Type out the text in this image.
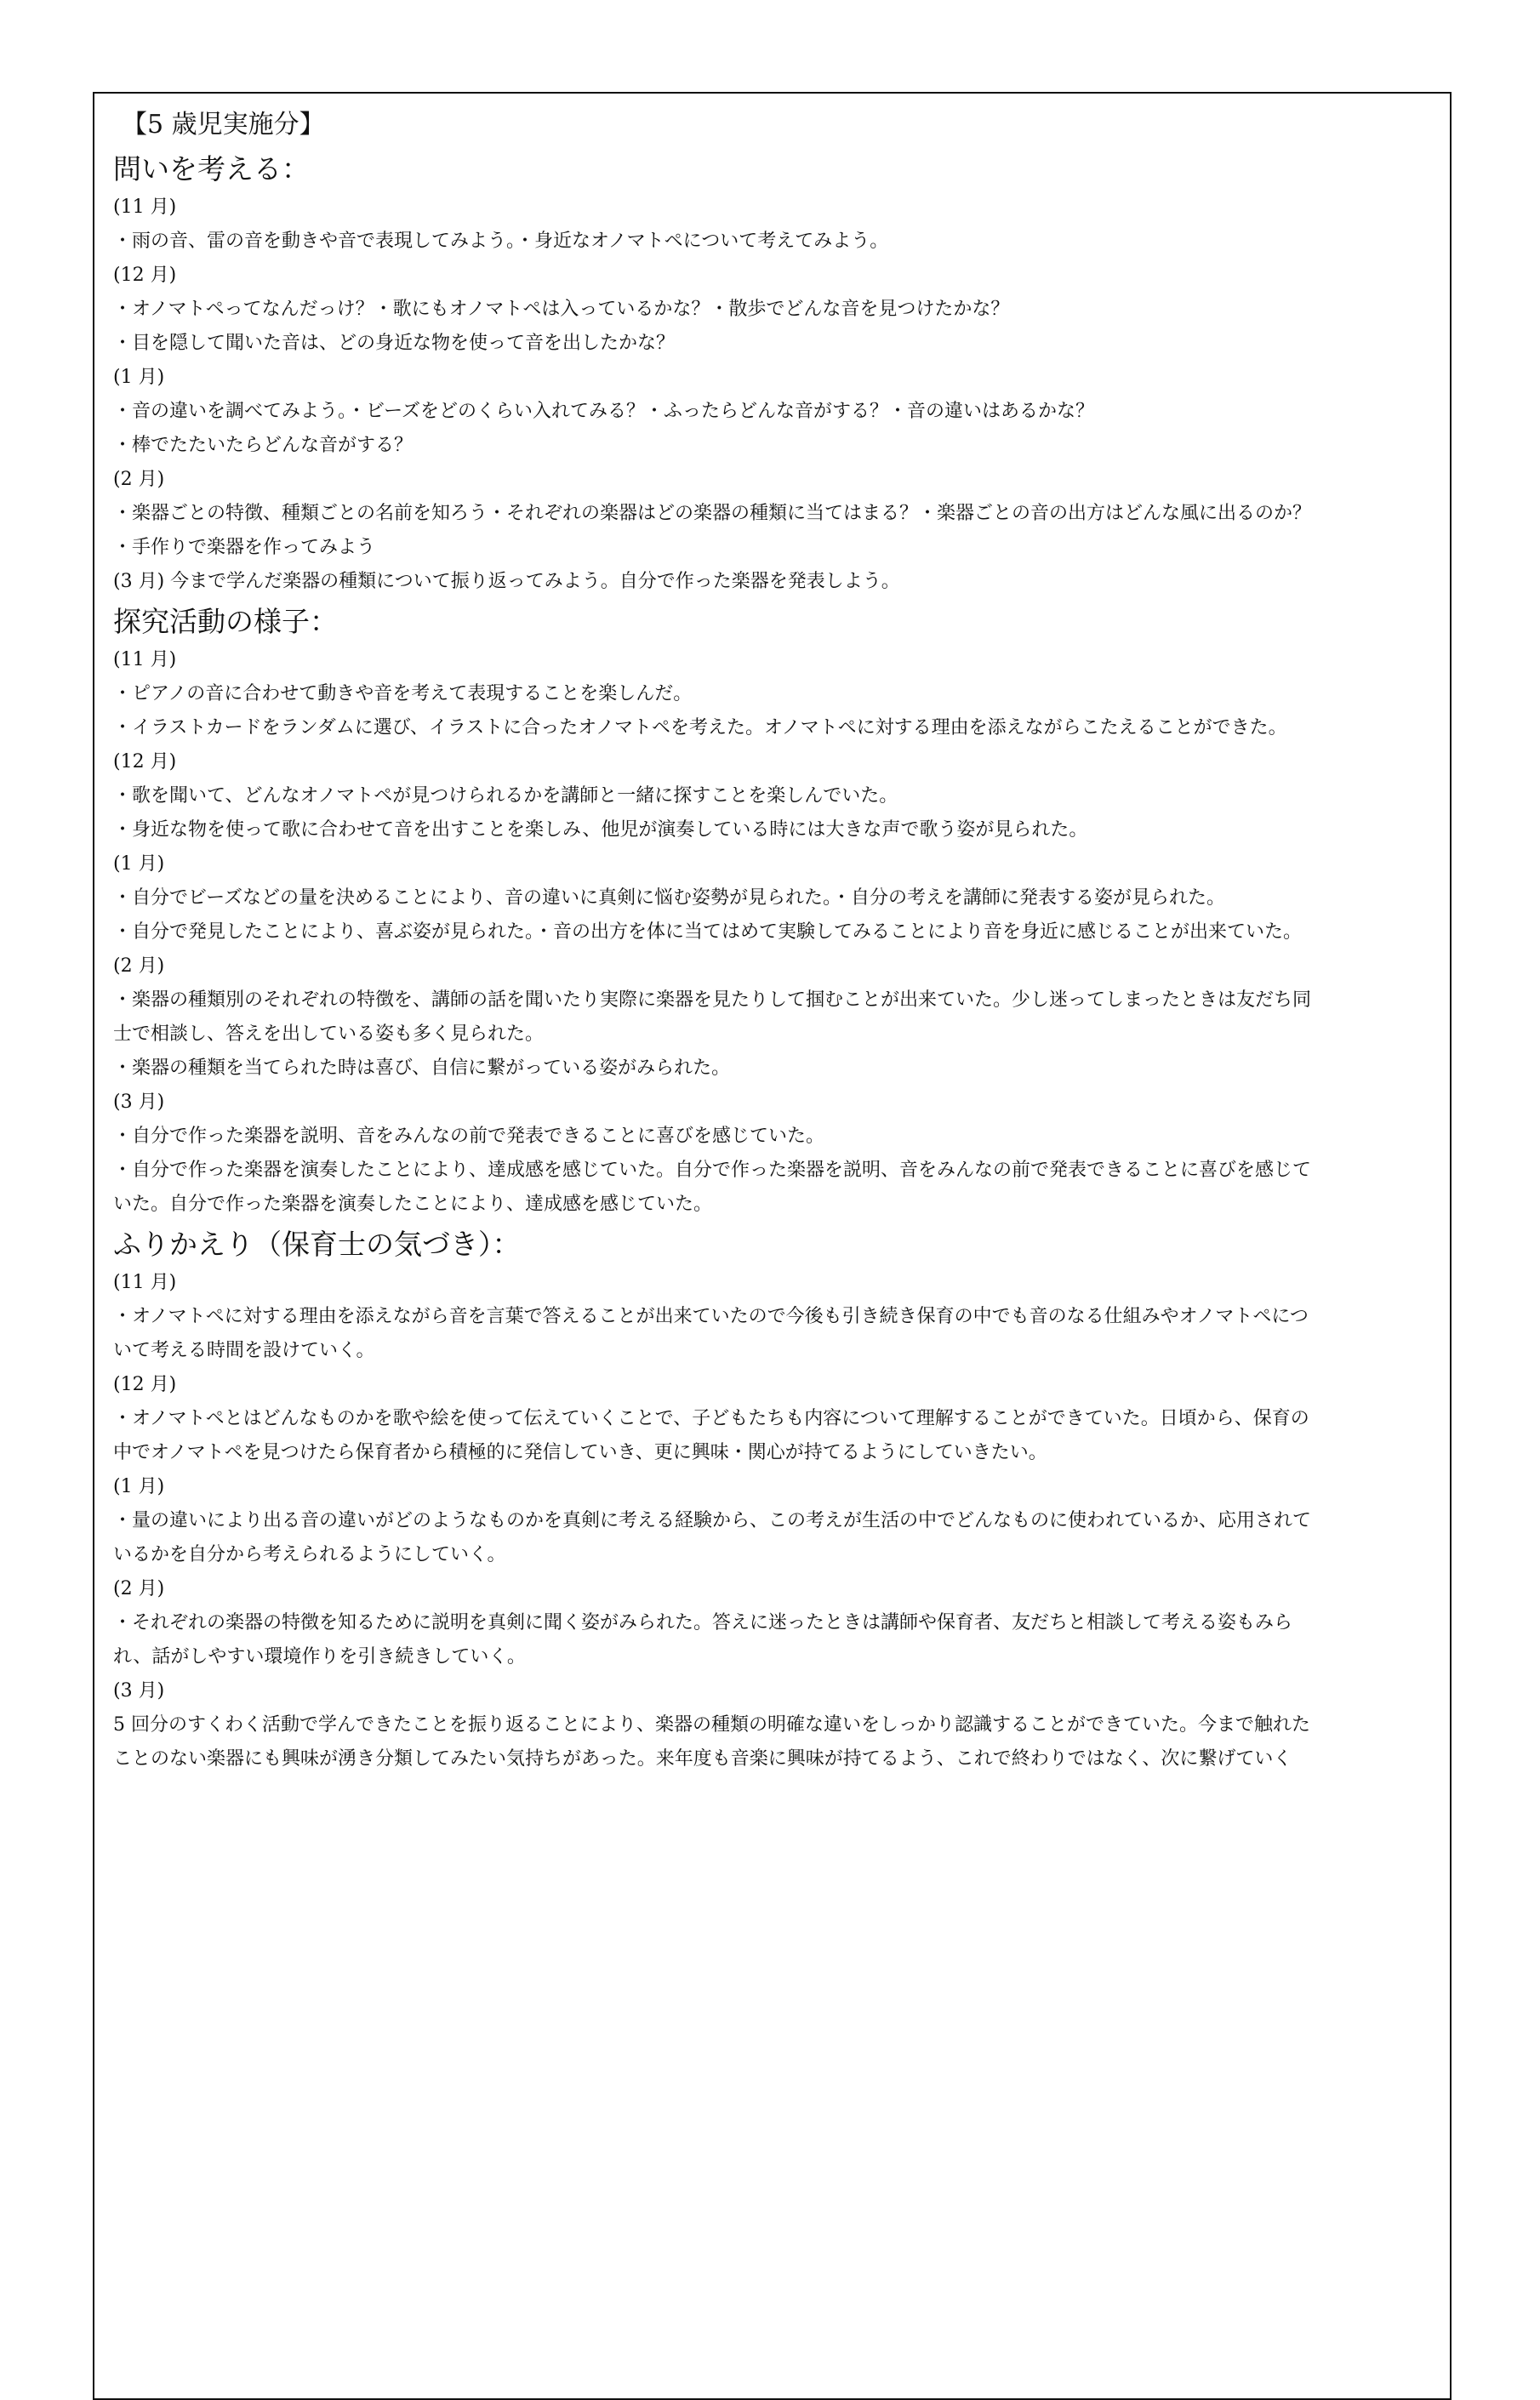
【5 歳児実施分】
問いを考える：
(11 月)
・雨の音、雷の音を動きや音で表現してみよう。・身近なオノマトペについて考えてみよう。
(12 月)
・オノマトペってなんだっけ？・歌にもオノマトペは入っているかな？・散歩でどんな音を見つけたかな？
・目を隠して聞いた音は、どの身近な物を使って音を出したかな？
(1 月)
・音の違いを調べてみよう。・ビーズをどのくらい入れてみる？・ふったらどんな音がする？・音の違いはあるかな？
・棒でたたいたらどんな音がする？
(2 月)
・楽器ごとの特徴、種類ごとの名前を知ろう・それぞれの楽器はどの楽器の種類に当てはまる？・楽器ごとの音の出方はどんな風に出るのか？
・手作りで楽器を作ってみよう
(3 月) 今まで学んだ楽器の種類について振り返ってみよう。自分で作った楽器を発表しよう。
探究活動の様子：
(11 月)
・ピアノの音に合わせて動きや音を考えて表現することを楽しんだ。
・イラストカードをランダムに選び、イラストに合ったオノマトペを考えた。オノマトペに対する理由を添えながらこたえることができた。
(12 月)
・歌を聞いて、どんなオノマトペが見つけられるかを講師と一緒に探すことを楽しんでいた。
・身近な物を使って歌に合わせて音を出すことを楽しみ、他児が演奏している時には大きな声で歌う姿が見られた。
(1 月)
・自分でビーズなどの量を決めることにより、音の違いに真剣に悩む姿勢が見られた。・自分の考えを講師に発表する姿が見られた。
・自分で発見したことにより、喜ぶ姿が見られた。・音の出方を体に当てはめて実験してみることにより音を身近に感じることが出来ていた。
(2 月)
・楽器の種類別のそれぞれの特徴を、講師の話を聞いたり実際に楽器を見たりして掴むことが出来ていた。少し迷ってしまったときは友だち同
士で相談し、答えを出している姿も多く見られた。
・楽器の種類を当てられた時は喜び、自信に繋がっている姿がみられた。
(3 月)
・自分で作った楽器を説明、音をみんなの前で発表できることに喜びを感じていた。
・自分で作った楽器を演奏したことにより、達成感を感じていた。自分で作った楽器を説明、音をみんなの前で発表できることに喜びを感じて
いた。自分で作った楽器を演奏したことにより、達成感を感じていた。
ふりかえり（保育士の気づき）：
(11 月)
・オノマトペに対する理由を添えながら音を言葉で答えることが出来ていたので今後も引き続き保育の中でも音のなる仕組みやオノマトペにつ
いて考える時間を設けていく。
(12 月)
・オノマトペとはどんなものかを歌や絵を使って伝えていくことで、子どもたちも内容について理解することができていた。日頃から、保育の
中でオノマトペを見つけたら保育者から積極的に発信していき、更に興味・関心が持てるようにしていきたい。
(1 月)
・量の違いにより出る音の違いがどのようなものかを真剣に考える経験から、この考えが生活の中でどんなものに使われているか、応用されて
いるかを自分から考えられるようにしていく。
(2 月)
・それぞれの楽器の特徴を知るために説明を真剣に聞く姿がみられた。答えに迷ったときは講師や保育者、友だちと相談して考える姿もみら
れ、話がしやすい環境作りを引き続きしていく。
(3 月)
5 回分のすくわく活動で学んできたことを振り返ることにより、楽器の種類の明確な違いをしっかり認識することができていた。今まで触れた
ことのない楽器にも興味が湧き分類してみたい気持ちがあった。来年度も音楽に興味が持てるよう、これで終わりではなく、次に繋げていく
